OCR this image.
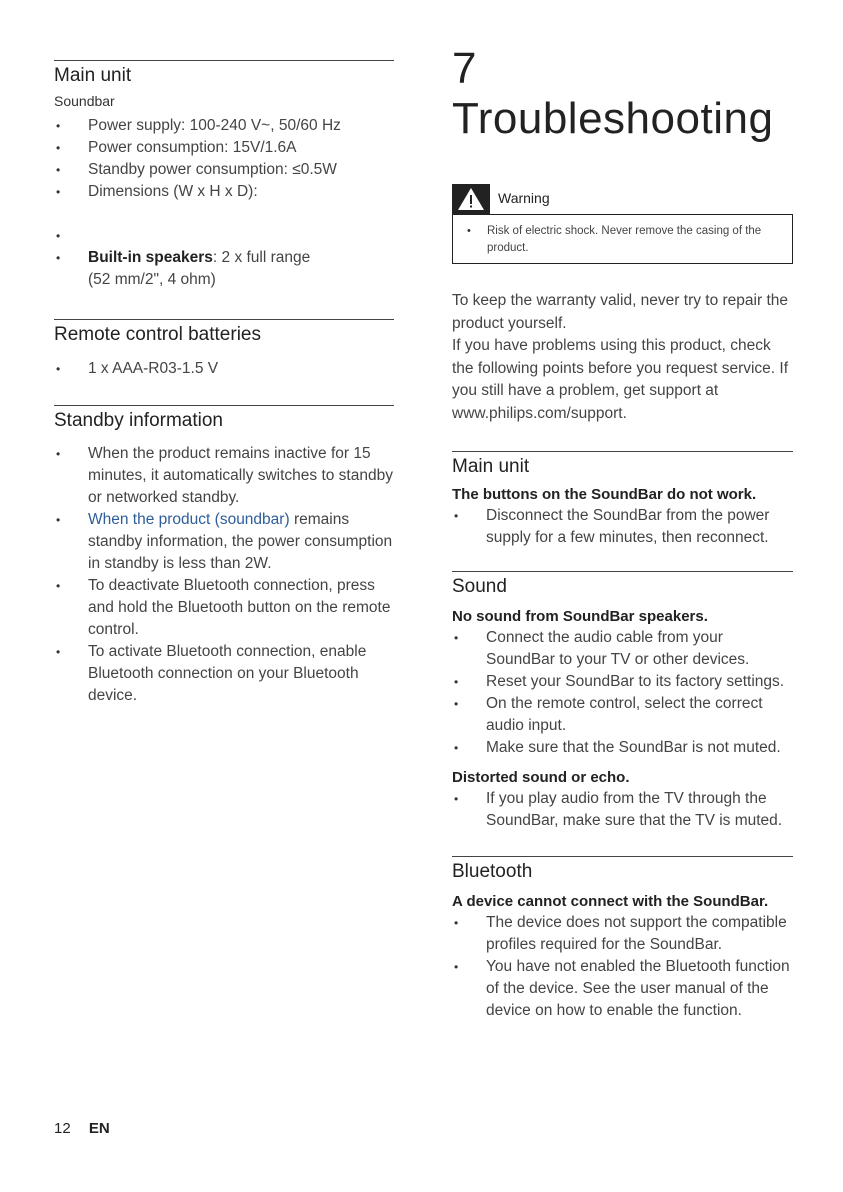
Main unit
Soundbar
• Power supply: 100-240 V~, 50/60 Hz
• Power consumption: 15V/1.6A
• Standby power consumption: ≤0.5W
• Dimensions (W x H x D):
•
• Built-in speakers: 2 x full range
(52 mm/2", 4 ohm)
Remote control batteries
• 1 x AAA-R03-1.5 V
Standby information
• When the product remains inactive for 15 minutes, it automatically switches to standby or networked standby.
• When the product (soundbar) remains standby information, the power consumption in standby is less than 2W.
• To deactivate Bluetooth connection, press and hold the Bluetooth button on the remote control.
• To activate Bluetooth connection, enable Bluetooth connection on your Bluetooth device.
7Troubleshooting
Warning
• Risk of electric shock. Never remove the casing of the product.

To keep the warranty valid, never try to repair the product yourself.

If you have problems using this product, check the following points before you request service. If you still have a problem, get support at www.philips.com/support.

Main unit
The buttons on the SoundBar do not work.
• Disconnect the SoundBar from the power supply for a few minutes, then reconnect.
Sound
No sound from SoundBar speakers.
• Connect the audio cable from your SoundBar to your TV or other devices.
• Reset your SoundBar to its factory settings.
• On the remote control, select the correct audio input.
• Make sure that the SoundBar is not muted.
Distorted sound or echo.
• If you play audio from the TV through the SoundBar, make sure that the TV is muted.
Bluetooth
A device cannot connect with the SoundBar.
• The device does not support the compatible profiles required for the SoundBar.
• You have not enabled the Bluetooth function of the device. See the user manual of the device on how to enable the function.
12 EN
